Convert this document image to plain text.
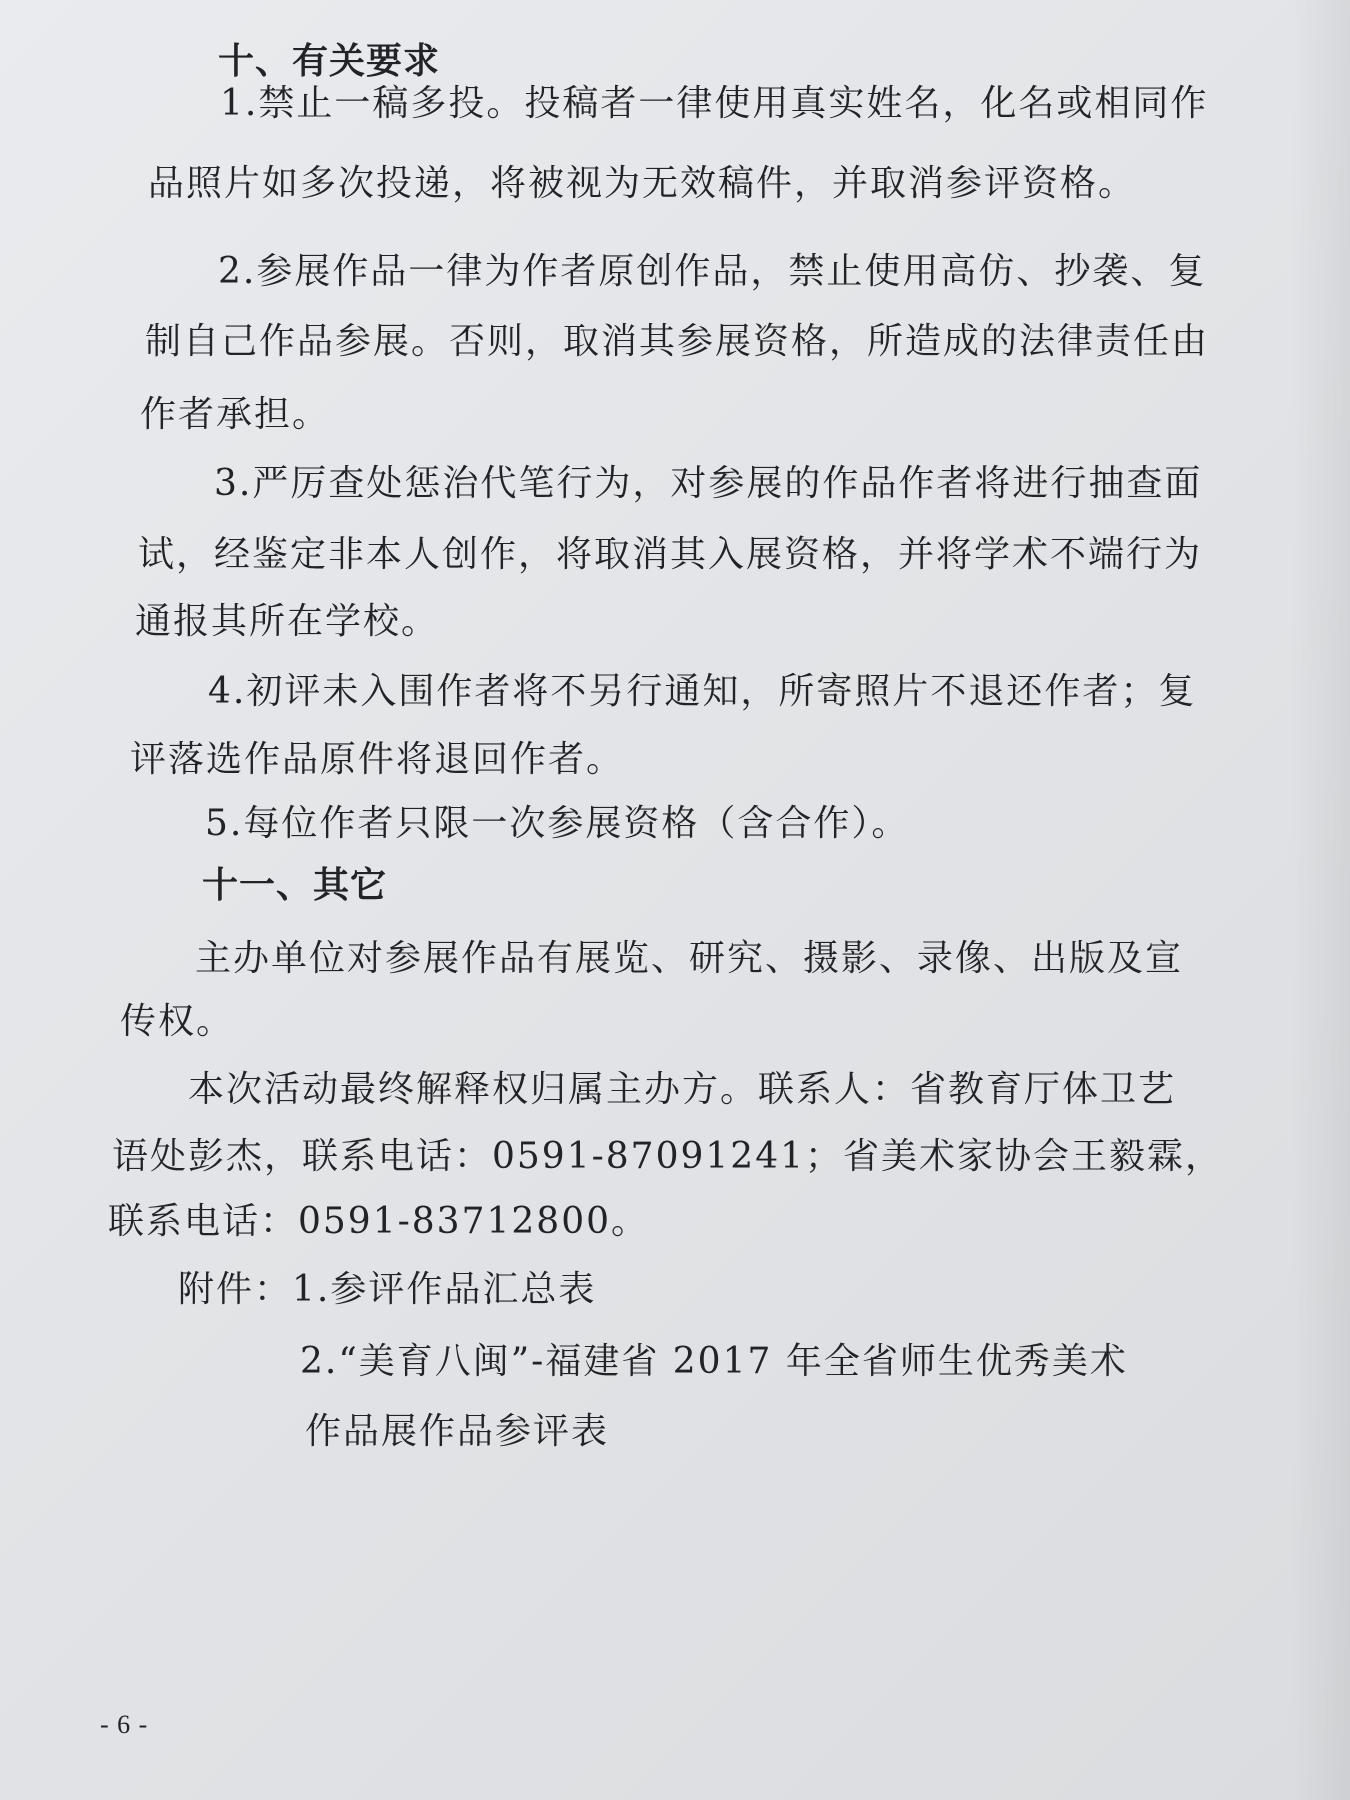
十、有关要求

1.禁止一稿多投。投稿者一律使用真实姓名，化名或相同作

品照片如多次投递，将被视为无效稿件，并取消参评资格。

2.参展作品一律为作者原创作品，禁止使用高仿、抄袭、复

制自己作品参展。否则，取消其参展资格，所造成的法律责任由

作者承担。

3.严厉查处惩治代笔行为，对参展的作品作者将进行抽查面

试，经鉴定非本人创作，将取消其入展资格，并将学术不端行为

通报其所在学校。

4.初评未入围作者将不另行通知，所寄照片不退还作者；复

评落选作品原件将退回作者。

5.每位作者只限一次参展资格（含合作）。

十一、其它

主办单位对参展作品有展览、研究、摄影、录像、出版及宣

传权。

本次活动最终解释权归属主办方。联系人：省教育厅体卫艺

语处彭杰，联系电话：0591-87091241；省美术家协会王毅霖，

联系电话：0591-83712800。

附件：1.参评作品汇总表

2.“美育八闽”-福建省 2017 年全省师生优秀美术

作品展作品参评表

- 6 -
